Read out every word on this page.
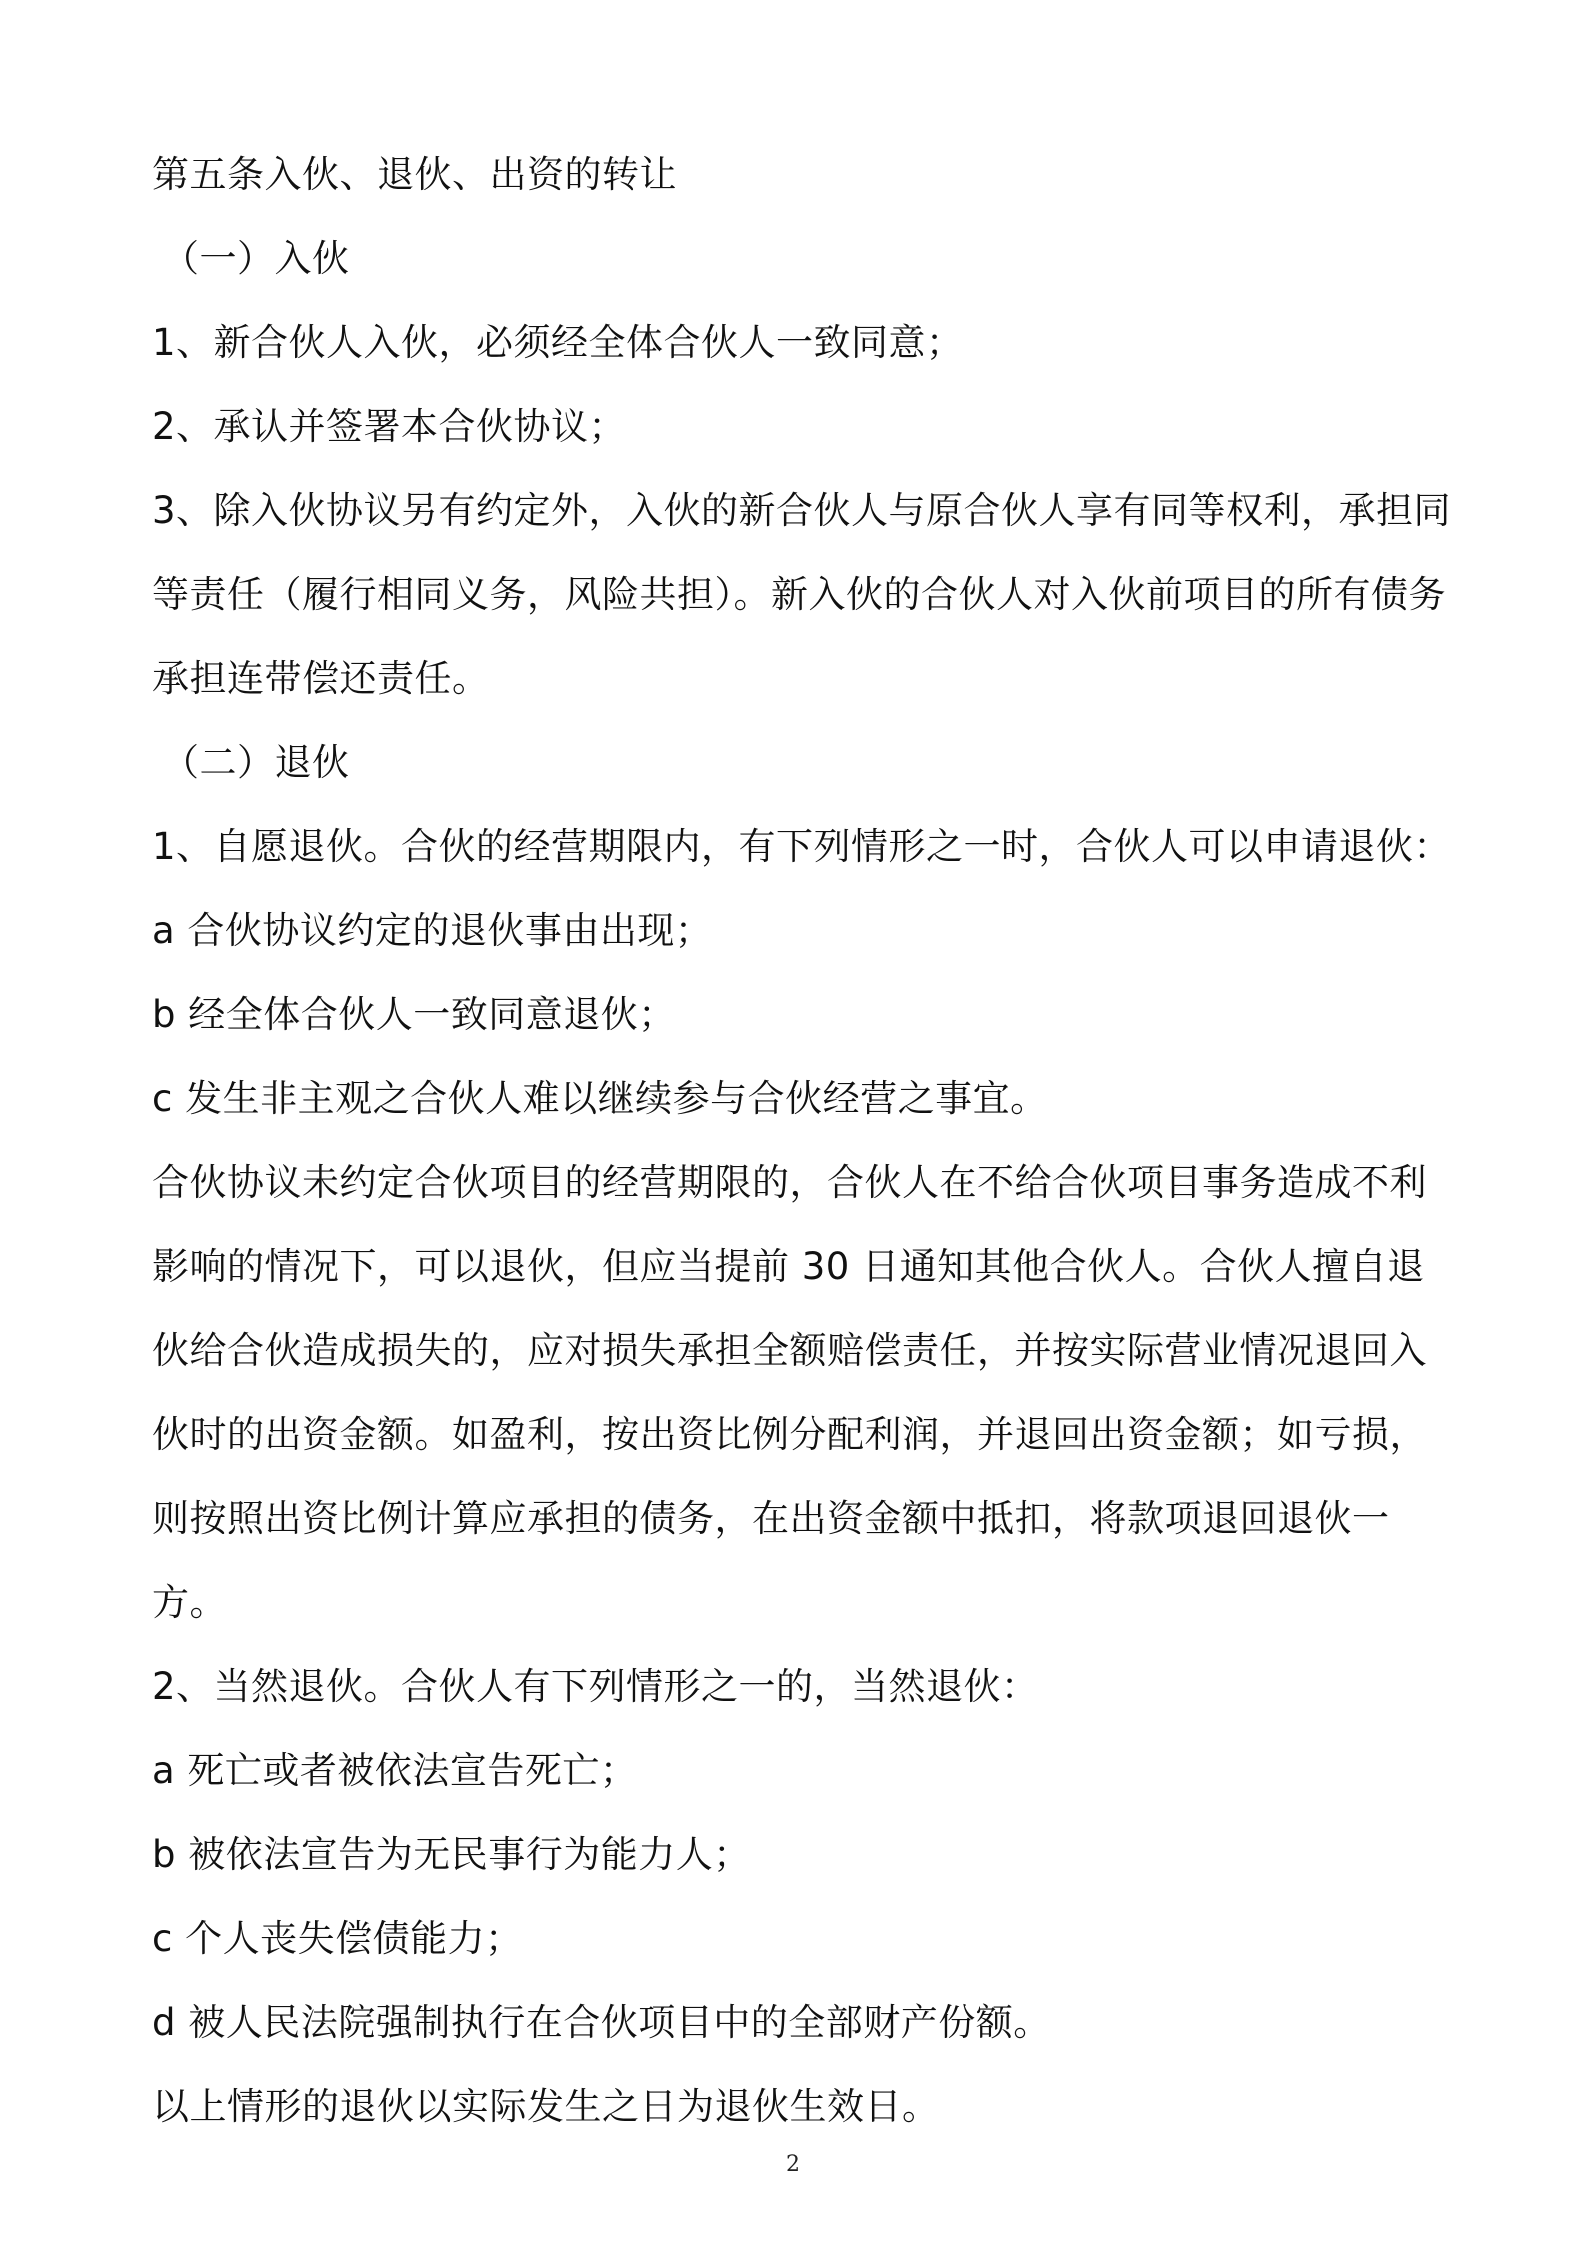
第五条入伙、退伙、出资的转让

（一）入伙

1、新合伙人入伙，必须经全体合伙人一致同意；

2、承认并签署本合伙协议；

3、除入伙协议另有约定外，入伙的新合伙人与原合伙人享有同等权利，承担同等责任（履行相同义务，风险共担）。新入伙的合伙人对入伙前项目的所有债务承担连带偿还责任。

（二）退伙

1、自愿退伙。合伙的经营期限内，有下列情形之一时，合伙人可以申请退伙：

a 合伙协议约定的退伙事由出现；

b 经全体合伙人一致同意退伙；

c 发生非主观之合伙人难以继续参与合伙经营之事宜。

合伙协议未约定合伙项目的经营期限的，合伙人在不给合伙项目事务造成不利影响的情况下，可以退伙，但应当提前 30 日通知其他合伙人。合伙人擅自退伙给合伙造成损失的，应对损失承担全额赔偿责任，并按实际营业情况退回入伙时的出资金额。如盈利，按出资比例分配利润，并退回出资金额；如亏损，则按照出资比例计算应承担的债务，在出资金额中抵扣，将款项退回退伙一方。

2、当然退伙。合伙人有下列情形之一的，当然退伙：

a 死亡或者被依法宣告死亡；

b 被依法宣告为无民事行为能力人；

c 个人丧失偿债能力；

d 被人民法院强制执行在合伙项目中的全部财产份额。

以上情形的退伙以实际发生之日为退伙生效日。

2
